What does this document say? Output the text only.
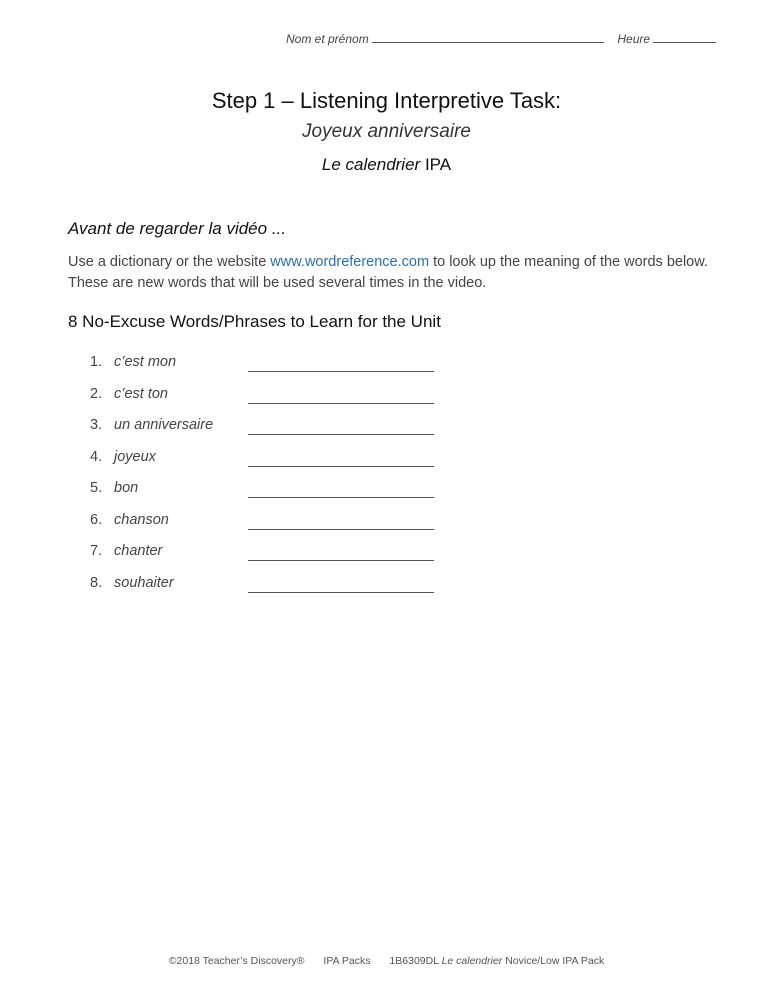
Nom et prénom	Heure
Step 1 – Listening Interpretive Task:
Joyeux anniversaire
Le calendrier IPA
Avant de regarder la vidéo ...
Use a dictionary or the website www.wordreference.com to look up the meaning of the words below. These are new words that will be used several times in the video.
8 No-Excuse Words/Phrases to Learn for the Unit
1. c’est mon
2. c’est ton
3. un anniversaire
4. joyeux
5. bon
6. chanson
7. chanter
8. souhaiter
©2018 Teacher’s Discovery® IPA Packs 1B6309DL Le calendrier Novice/Low IPA Pack
